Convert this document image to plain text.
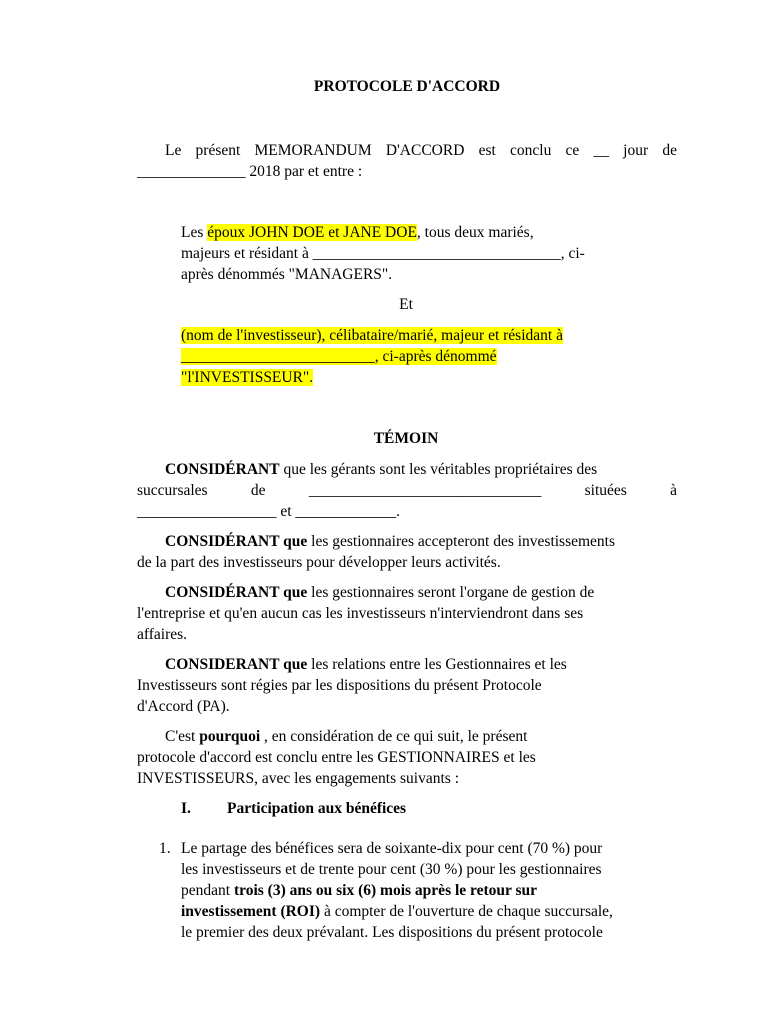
PROTOCOLE D'ACCORD
Le présent MEMORANDUM D'ACCORD est conclu ce __ jour de
______________ 2018 par et entre :
Les époux JOHN DOE et JANE DOE, tous deux mariés,
majeurs et résidant à ________________________________, ci-
après dénommés "MANAGERS".
Et
(nom de l'investisseur), célibataire/marié, majeur et résidant à
_________________________, ci-après dénommé
"l'INVESTISSEUR".
TÉMOIN
CONSIDÉRANT que les gérants sont les véritables propriétaires des
succursales	de	______________________________	situées	à
__________________ et _____________.
CONSIDÉRANT que les gestionnaires accepteront des investissements
de la part des investisseurs pour développer leurs activités.
CONSIDÉRANT que les gestionnaires seront l'organe de gestion de
l'entreprise et qu'en aucun cas les investisseurs n'interviendront dans ses
affaires.
CONSIDERANT que les relations entre les Gestionnaires et les
Investisseurs sont régies par les dispositions du présent Protocole
d'Accord (PA).
C'est pourquoi , en considération de ce qui suit, le présent
protocole d'accord est conclu entre les GESTIONNAIRES et les
INVESTISSEURS, avec les engagements suivants :
I. Participation aux bénéfices
1. Le partage des bénéfices sera de soixante-dix pour cent (70 %) pour
les investisseurs et de trente pour cent (30 %) pour les gestionnaires
pendant trois (3) ans ou six (6) mois après le retour sur
investissement (ROI) à compter de l'ouverture de chaque succursale,
le premier des deux prévalant. Les dispositions du présent protocole
